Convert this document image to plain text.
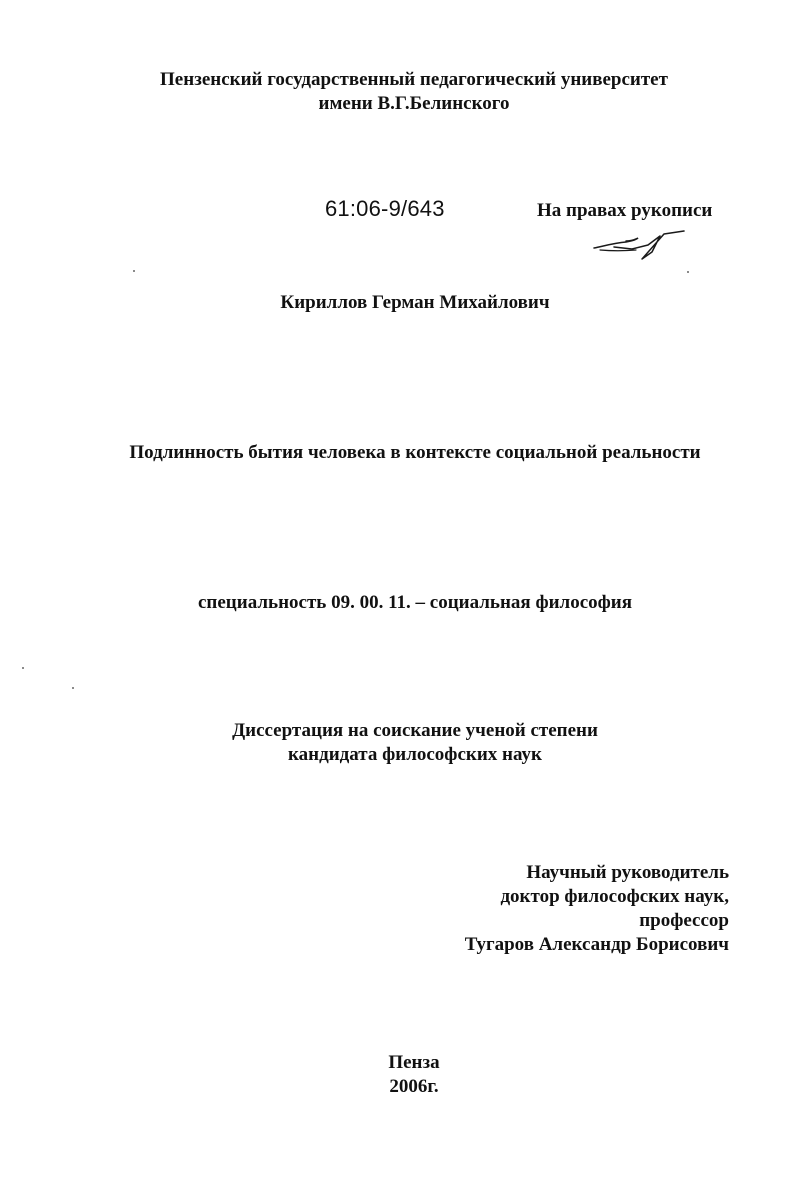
Пензенский государственный педагогический университет
имени В.Г.Белинского
61:06-9/643	На правах рукописи
Кириллов Герман Михайлович
Подлинность бытия человека в контексте социальной реальности
специальность 09. 00. 11. – социальная философия
Диссертация на соискание ученой степени
кандидата философских наук
Научный руководитель
доктор философских наук,
профессор
Тугаров Александр Борисович
Пенза
2006г.
